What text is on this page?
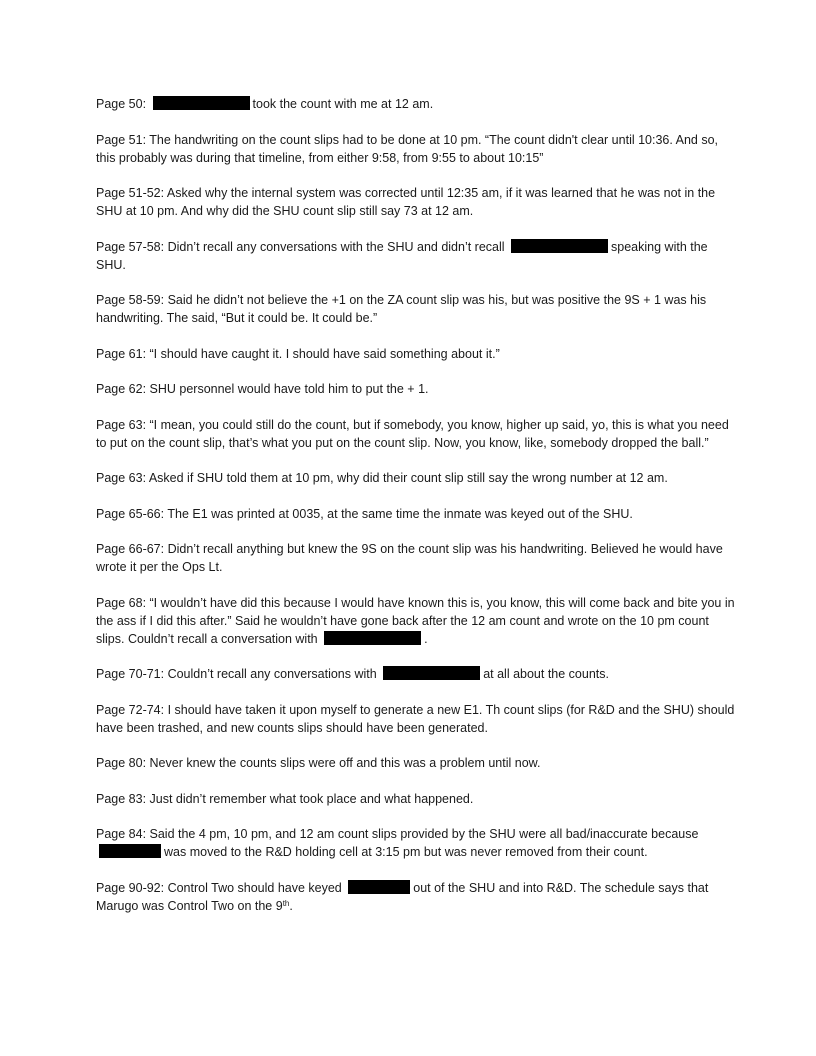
Page 50:	took the count with me at 12 am.

Page 51: The handwriting on the count slips had to be done at 10 pm. “The count didn't clear until 10:36. And so, this probably was during that timeline, from either 9:58, from 9:55 to about 10:15”

Page 51-52: Asked why the internal system was corrected until 12:35 am, if it was learned that he was not in the SHU at 10 pm. And why did the SHU count slip still say 73 at 12 am.

Page 57-58: Didn’t recall any conversations with the SHU and didn’t recall	speaking with the SHU.

Page 58-59: Said he didn’t not believe the +1 on the ZA count slip was his, but was positive the 9S + 1 was his handwriting. The said, “But it could be. It could be.”

Page 61: “I should have caught it. I should have said something about it.”

Page 62: SHU personnel would have told him to put the + 1.

Page 63: “I mean, you could still do the count, but if somebody, you know, higher up said, yo, this is what you need to put on the count slip, that’s what you put on the count slip. Now, you know, like, somebody dropped the ball.”

Page 63: Asked if SHU told them at 10 pm, why did their count slip still say the wrong number at 12 am.

Page 65-66: The E1 was printed at 0035, at the same time the inmate was keyed out of the SHU.

Page 66-67: Didn’t recall anything but knew the 9S on the count slip was his handwriting. Believed he would have wrote it per the Ops Lt.

Page 68: “I wouldn’t have did this because I would have known this is, you know, this will come back and bite you in the ass if I did this after.” Said he wouldn’t have gone back after the 12 am count and wrote on the 10 pm count slips. Couldn’t recall a conversation with	.

Page 70-71: Couldn’t recall any conversations with	at all about the counts.

Page 72-74: I should have taken it upon myself to generate a new E1. Th count slips (for R&D and the SHU) should have been trashed, and new counts slips should have been generated.

Page 80: Never knew the counts slips were off and this was a problem until now.

Page 83: Just didn’t remember what took place and what happened.

Page 84: Said the 4 pm, 10 pm, and 12 am count slips provided by the SHU were all bad/inaccurate because was moved to the R&D holding cell at 3:15 pm but was never removed from their count.

Page 90-92: Control Two should have keyed	out of the SHU and into R&D. The schedule says that Marugo was Control Two on the 9th.
